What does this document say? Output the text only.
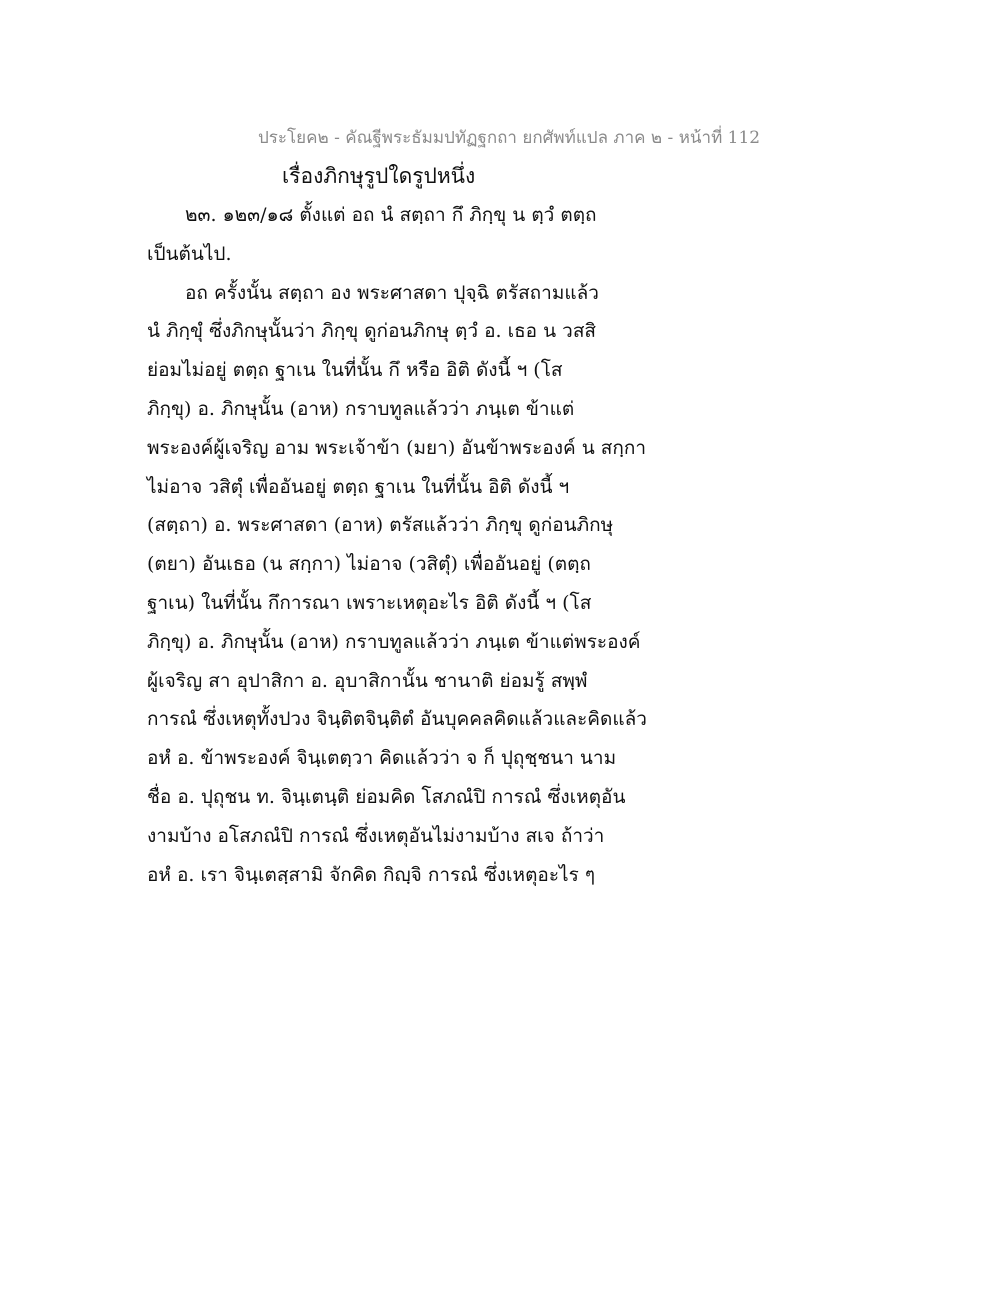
ประโยค๒ - คัณฐีพระธัมมปทัฏฐกถา ยกศัพท์แปล ภาค ๒ - หน้าที่ 112
เรื่องภิกษุรูปใดรูปหนึ่ง
๒๓. ๑๒๓/๑๘ ตั้งแต่ อถ นํ สตฺถา กึ ภิกฺขุ น ตฺวํ ตตฺถ
เป็นต้นไป.
อถ ครั้งนั้น สตฺถา อง พระศาสดา ปุจฺฉิ ตรัสถามแล้ว
นํ ภิกฺขุํ ซึ่งภิกษุนั้นว่า ภิกฺขุ ดูก่อนภิกษุ ตฺวํ อ. เธอ น วสสิ
ย่อมไม่อยู่ ตตฺถ ฐาเน ในที่นั้น กึ หรือ อิติ ดังนี้ ฯ (โส
ภิกฺขุ) อ. ภิกษุนั้น (อาห) กราบทูลแล้วว่า ภนฺเต ข้าแต่
พระองค์ผู้เจริญ อาม พระเจ้าข้า (มยา) อันข้าพระองค์ น สกฺกา
ไม่อาจ วสิตุํ เพื่ออันอยู่ ตตฺถ ฐาเน ในที่นั้น อิติ ดังนี้ ฯ
(สตฺถา) อ. พระศาสดา (อาห) ตรัสแล้วว่า ภิกฺขุ ดูก่อนภิกษุ
(ตยา) อันเธอ (น สกฺกา) ไม่อาจ (วสิตุํ) เพื่ออันอยู่ (ตตฺถ
ฐาเน) ในที่นั้น กึการณา เพราะเหตุอะไร อิติ ดังนี้ ฯ (โส
ภิกฺขุ) อ. ภิกษุนั้น (อาห) กราบทูลแล้วว่า ภนฺเต ข้าแต่พระองค์
ผู้เจริญ สา อุปาสิกา อ. อุบาสิกานั้น ชานาติ ย่อมรู้ สพฺพํ
การณํ ซึ่งเหตุทั้งปวง จินฺติตจินฺติตํ อันบุคคลคิดแล้วและคิดแล้ว
อหํ อ. ข้าพระองค์ จินฺเตตฺวา คิดแล้วว่า จ ก็ ปุถุชฺชนา นาม
ชื่อ อ. ปุถุชน ท. จินฺเตนฺติ ย่อมคิด โสภณํปิ การณํ ซึ่งเหตุอัน
งามบ้าง อโสภณํปิ การณํ ซึ่งเหตุอันไม่งามบ้าง สเจ ถ้าว่า
อหํ อ. เรา จินฺเตสฺสามิ จักคิด กิญฺจิ การณํ ซึ่งเหตุอะไร ๆ
